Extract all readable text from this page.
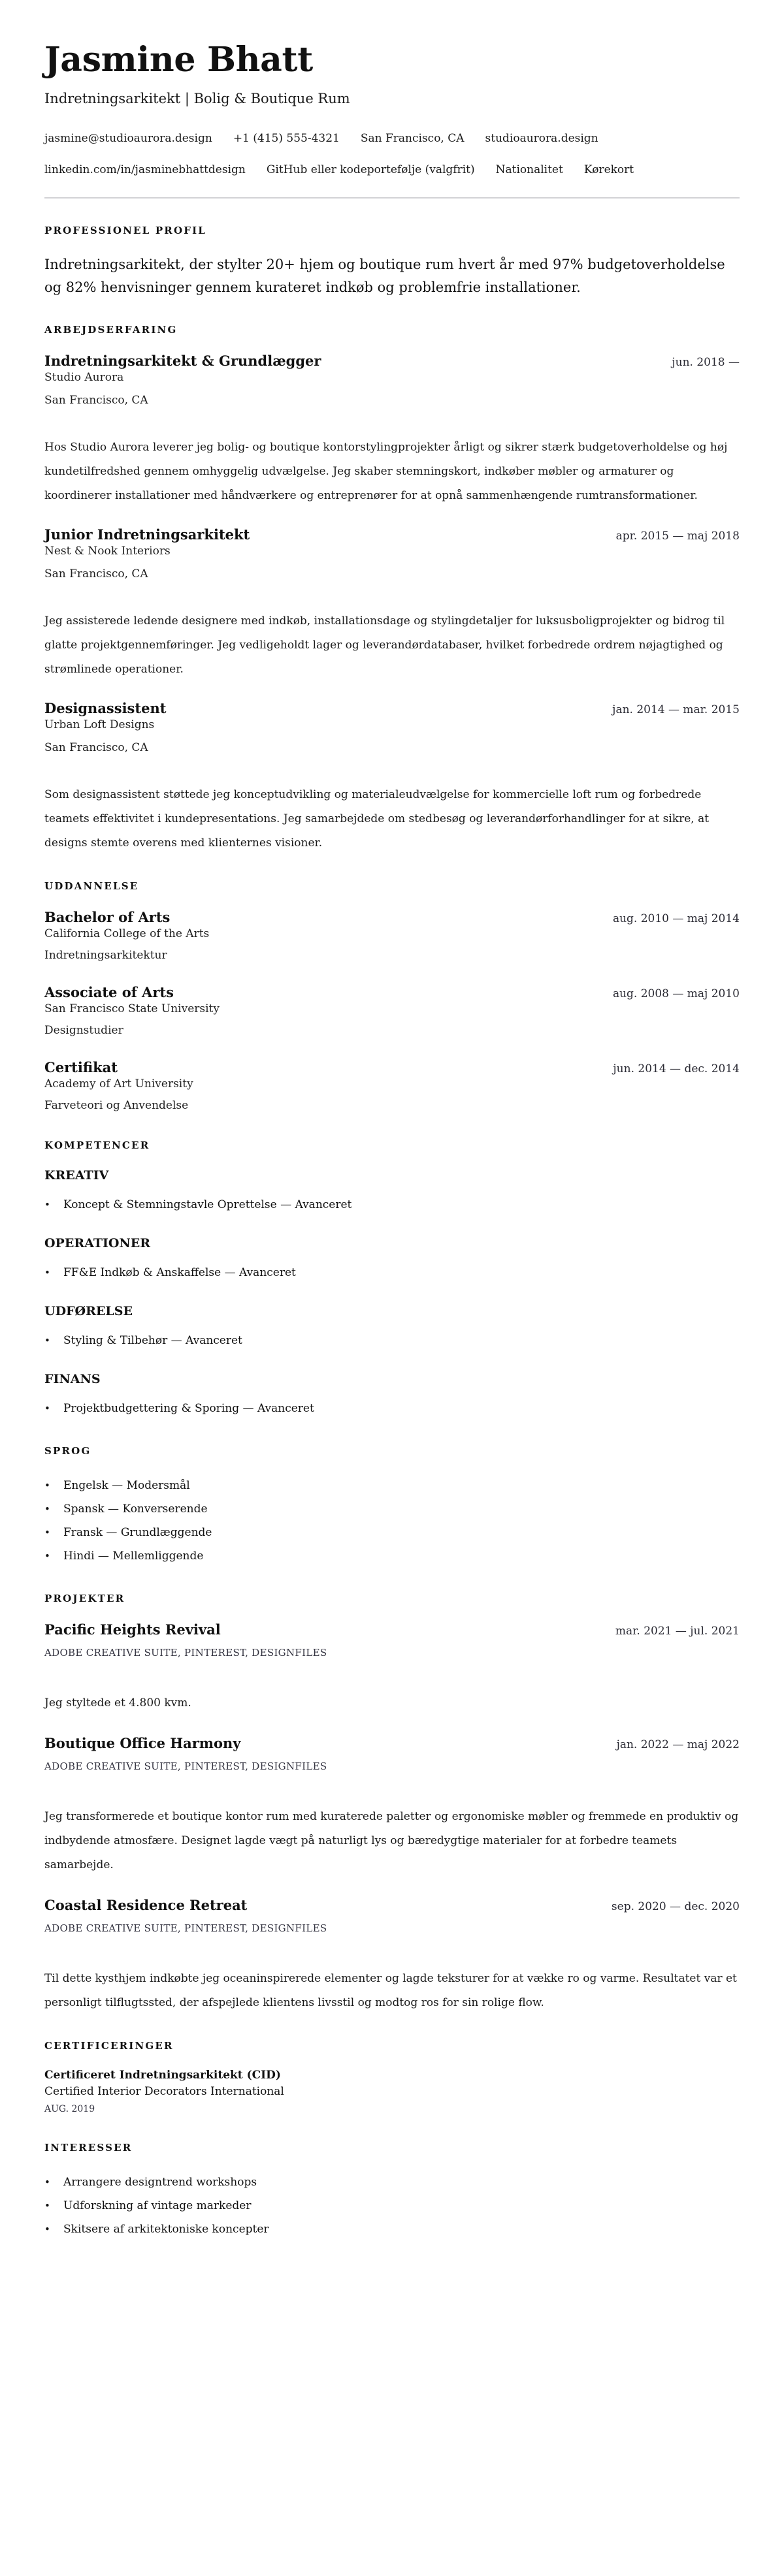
Jasmine Bhatt
Indretningsarkitekt | Bolig & Boutique Rum
jasmine@studioaurora.design +1 (415) 555-4321 San Francisco, CA studioaurora.design
linkedin.com/in/jasminebhattdesign GitHub eller kodeportefølje (valgfrit) Nationalitet Kørekort
PROFESSIONEL PROFIL

Indretningsarkitekt, der stylter 20+ hjem og boutique rum hvert år med 97% budgetoverholdelse og 82% henvisninger gennem kurateret indkøb og problemfrie installationer.

ARBEJDSERFARING
Indretningsarkitekt & Grundlægger	jun. 2018 —
Studio Aurora
San Francisco, CA

Hos Studio Aurora leverer jeg bolig- og boutique kontorstylingprojekter årligt og sikrer stærk budgetoverholdelse og høj kundetilfredshed gennem omhyggelig udvælgelse. Jeg skaber stemningskort, indkøber møbler og armaturer og koordinerer installationer med håndværkere og entreprenører for at opnå sammenhængende rumtransformationer.

Junior Indretningsarkitekt	apr. 2015 — maj 2018
Nest & Nook Interiors
San Francisco, CA

Jeg assisterede ledende designere med indkøb, installationsdage og stylingdetaljer for luksusboligprojekter og bidrog til glatte projektgennemføringer. Jeg vedligeholdt lager og leverandørdatabaser, hvilket forbedrede ordrem nøjagtighed og strømlinede operationer.

Designassistent	jan. 2014 — mar. 2015
Urban Loft Designs
San Francisco, CA

Som designassistent støttede jeg konceptudvikling og materialeudvælgelse for kommercielle loft rum og forbedrede teamets effektivitet i kundepresentations. Jeg samarbejdede om stedbesøg og leverandørforhandlinger for at sikre, at designs stemte overens med klienternes visioner.

UDDANNELSE
Bachelor of Arts	aug. 2010 — maj 2014
California College of the Arts
Indretningsarkitektur
Associate of Arts	aug. 2008 — maj 2010
San Francisco State University
Designstudier
Certifikat	jun. 2014 — dec. 2014
Academy of Art University
Farveteori og Anvendelse
KOMPETENCER
KREATIV
• Koncept & Stemningstavle Oprettelse — Avanceret
OPERATIONER
• FF&E Indkøb & Anskaffelse — Avanceret
UDFØRELSE
• Styling & Tilbehør — Avanceret
FINANS
• Projektbudgettering & Sporing — Avanceret
SPROG
• Engelsk — Modersmål
• Spansk — Konverserende
• Fransk — Grundlæggende
• Hindi — Mellemliggende
PROJEKTER
Pacific Heights Revival	mar. 2021 — jul. 2021
ADOBE CREATIVE SUITE, PINTEREST, DESIGNFILES

Jeg styltede et 4.800 kvm.

Boutique Office Harmony	jan. 2022 — maj 2022
ADOBE CREATIVE SUITE, PINTEREST, DESIGNFILES

Jeg transformerede et boutique kontor rum med kuraterede paletter og ergonomiske møbler og fremmede en produktiv og indbydende atmosfære. Designet lagde vægt på naturligt lys og bæredygtige materialer for at forbedre teamets samarbejde.

Coastal Residence Retreat	sep. 2020 — dec. 2020
ADOBE CREATIVE SUITE, PINTEREST, DESIGNFILES

Til dette kysthjem indkøbte jeg oceaninspirerede elementer og lagde teksturer for at vække ro og varme. Resultatet var et personligt tilflugtssted, der afspejlede klientens livsstil og modtog ros for sin rolige flow.

CERTIFICERINGER
Certificeret Indretningsarkitekt (CID)
Certified Interior Decorators International
AUG. 2019
INTERESSER
• Arrangere designtrend workshops
• Udforskning af vintage markeder
• Skitsere af arkitektoniske koncepter
